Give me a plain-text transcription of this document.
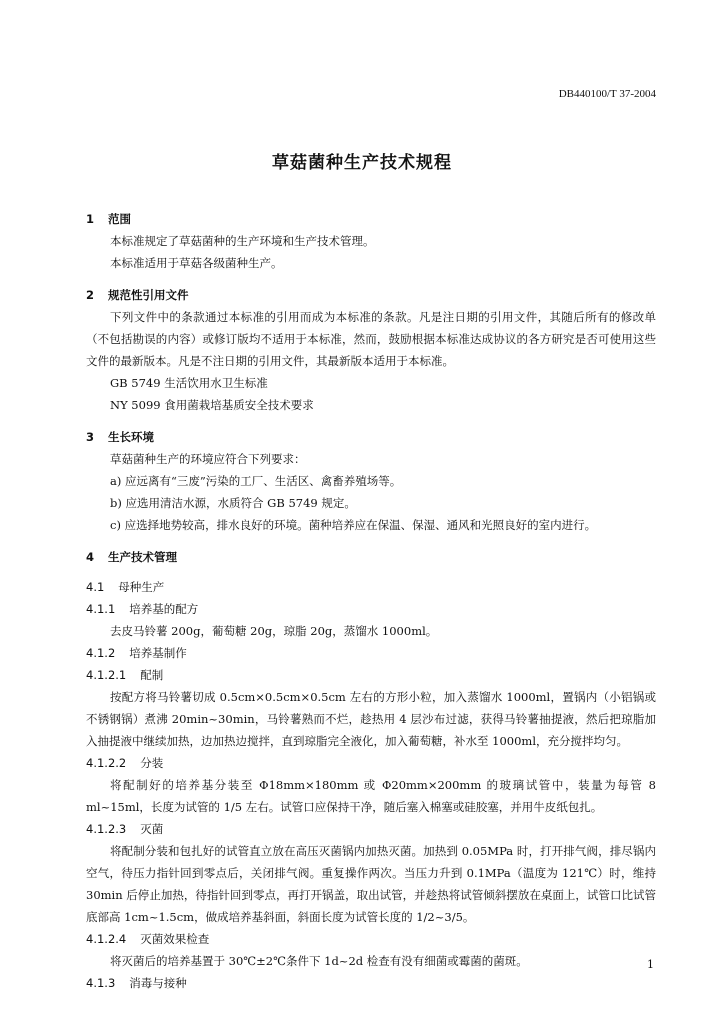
DB440100/T 37-2004
草菇菌种生产技术规程
1 范围
本标准规定了草菇菌种的生产环境和生产技术管理。
本标准适用于草菇各级菌种生产。
2 规范性引用文件
下列文件中的条款通过本标准的引用而成为本标准的条款。凡是注日期的引用文件，其随后所有的修改单（不包括勘误的内容）或修订版均不适用于本标准，然而，鼓励根据本标准达成协议的各方研究是否可使用这些文件的最新版本。凡是不注日期的引用文件，其最新版本适用于本标准。
GB 5749 生活饮用水卫生标准
NY 5099 食用菌栽培基质安全技术要求
3 生长环境
草菇菌种生产的环境应符合下列要求：
a) 应远离有“三废”污染的工厂、生活区、禽畜养殖场等。
b) 应选用清洁水源，水质符合 GB 5749 规定。
c) 应选择地势较高，排水良好的环境。菌种培养应在保温、保湿、通风和光照良好的室内进行。
4 生产技术管理
4.1 母种生产
4.1.1 培养基的配方
去皮马铃薯 200g，葡萄糖 20g，琼脂 20g，蒸馏水 1000ml。
4.1.2 培养基制作
4.1.2.1 配制
按配方将马铃薯切成 0.5cm×0.5cm×0.5cm 左右的方形小粒，加入蒸馏水 1000ml，置锅内（小铝锅或不锈钢锅）煮沸 20min~30min，马铃薯熟而不烂，趁热用 4 层沙布过滤，获得马铃薯抽提液，然后把琼脂加入抽提液中继续加热，边加热边搅拌，直到琼脂完全液化，加入葡萄糖，补水至 1000ml，充分搅拌均匀。
4.1.2.2 分装
将配制好的培养基分装至 Φ18mm×180mm 或 Φ20mm×200mm 的玻璃试管中，装量为每管 8 ml~15ml，长度为试管的 1/5 左右。试管口应保持干净，随后塞入棉塞或硅胶塞，并用牛皮纸包扎。
4.1.2.3 灭菌
将配制分装和包扎好的试管直立放在高压灭菌锅内加热灭菌。加热到 0.05MPa 时，打开排气阀，排尽锅内空气，待压力指针回到零点后，关闭排气阀。重复操作两次。当压力升到 0.1MPa（温度为 121℃）时，维持 30min 后停止加热，待指针回到零点，再打开锅盖，取出试管，并趁热将试管倾斜摆放在桌面上，试管口比试管底部高 1cm~1.5cm，做成培养基斜面，斜面长度为试管长度的 1/2~3/5。
4.1.2.4 灭菌效果检查
将灭菌后的培养基置于 30℃±2℃条件下 1d~2d 检查有没有细菌或霉菌的菌斑。
4.1.3 消毒与接种
1
